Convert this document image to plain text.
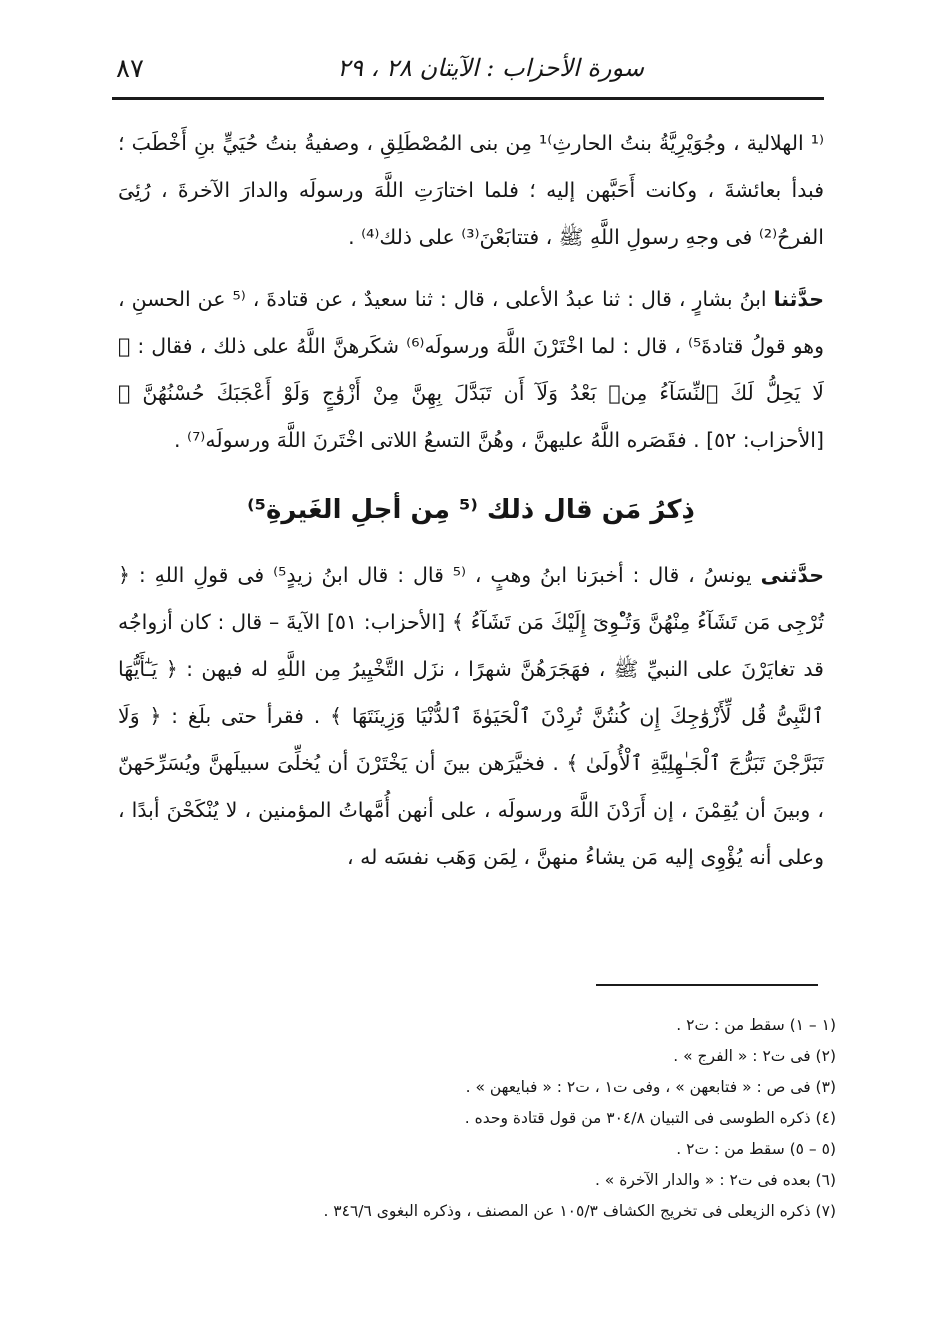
٨٧	سورة الأحزاب : الآيتان ٢٨ ، ٢٩

⁽¹ الهلالية ، وجُوَيْرِيَّةُ بنتُ الحارثِ⁾¹ مِن بنى المُصْطَلِقِ ، وصفيةُ بنتُ حُيَيٍّ بنِ أَخْطَبَ ؛ فبدأ بعائشةَ ، وكانت أَحَبَّهن إليه ؛ فلما اختارَتِ اللَّهَ ورسولَه والدارَ الآخرةَ ، رُئِىَ الفرحُ⁽²⁾ فى وجهِ رسولِ اللَّهِ ﷺ ، فتتابَعْنَ⁽³⁾ على ذلك⁽⁴⁾ .

حدَّثنا ابنُ بشارٍ ، قال : ثنا عبدُ الأعلى ، قال : ثنا سعيدٌ ، عن قتادةَ ، ⁽⁵ عن الحسنِ ، وهو قولُ قتادةَ⁵⁾ ، قال : لما اخْتَرْنَ اللَّهَ ورسولَه⁽⁶⁾ شكَرهنَّ اللَّهُ على ذلك ، فقال : ﴿ لَا يَحِلُّ لَكَ ٱلنِّسَآءُ مِنۢ بَعْدُ وَلَآ أَن تَبَدَّلَ بِهِنَّ مِنْ أَزْوَٰجٍ وَلَوْ أَعْجَبَكَ حُسْنُهُنَّ ﴾ [الأحزاب: ٥٢] . فقَصَره اللَّهُ عليهنَّ ، وهُنَّ التسعُ اللاتى اخْتَرنَ اللَّهَ ورسولَه⁽⁷⁾ .

ذِكرُ مَن قال ذلك ⁽⁵ مِن أجلِ الغَيرةِ⁵⁾

حدَّثنى يونسُ ، قال : أخبرَنا ابنُ وهبٍ ، ⁽⁵ قال : قال ابنُ زيدٍ⁵⁾ فى قولِ اللهِ : ﴿ تُرْجِى مَن تَشَآءُ مِنْهُنَّ وَتُـْٔوِىٓ إِلَيْكَ مَن تَشَآءُ ﴾ [الأحزاب: ٥١] الآيةَ – قال : كان أزواجُه قد تغايَرْنَ على النبيِّ ﷺ ، فهَجَرَهُنَّ شهرًا ، نزَل التَّخْيِيرُ مِن اللَّهِ له فيهن : ﴿ يَـٰٓأَيُّهَا ٱلنَّبِىُّ قُل لِّأَزْوَٰجِكَ إِن كُنتُنَّ تُرِدْنَ ٱلْحَيَوٰةَ ٱلدُّنْيَا وَزِينَتَهَا ﴾ . فقرأ حتى بلَغ : ﴿ وَلَا تَبَرَّجْنَ تَبَرُّجَ ٱلْجَـٰهِلِيَّةِ ٱلْأُولَىٰ ﴾ . فخيَّرَهن بينَ أن يَخْتَرْنَ أن يُخلِّىَ سبيلَهنَّ ويُسَرِّحَهنّ ، وبينَ أن يُقِمْنَ ، إن أَرَدْنَ اللَّهَ ورسولَه ، على أنهن أُمَّهاتُ المؤمنين ، لا يُنْكَحْنَ أبدًا ، وعلى أنه يُؤْوِى إليه مَن يشاءُ منهنَّ ، لِمَن وَهَب نفسَه له ،

(١ – ١) سقط من : ت٢ .
(٢) فى ت٢ : « الفرج » .
(٣) فى ص : « فتابعهن » ، وفى ت١ ، ت٢ : « فبايعهن » .
(٤) ذكره الطوسى فى التبيان ٣٠٤/٨ من قول قتادة وحده .
(٥ – ٥) سقط من : ت٢ .
(٦) بعده فى ت٢ : « والدار الآخرة » .
(٧) ذكره الزيعلى فى تخريج الكشاف ١٠٥/٣ عن المصنف ، وذكره البغوى ٣٤٦/٦ .
